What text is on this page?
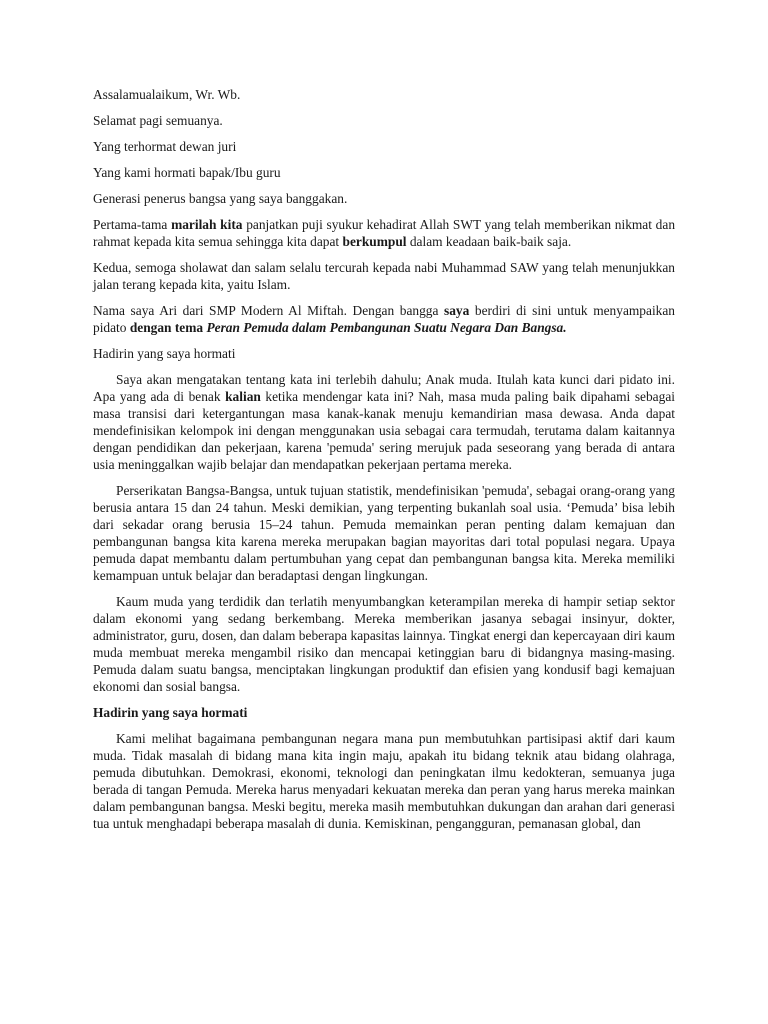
Assalamualaikum, Wr. Wb.

Selamat pagi semuanya.

Yang terhormat dewan juri

Yang kami hormati bapak/Ibu guru

Generasi penerus bangsa yang saya banggakan.

Pertama-tama marilah kita panjatkan puji syukur kehadirat Allah SWT yang telah memberikan nikmat dan rahmat kepada kita semua sehingga kita dapat berkumpul dalam keadaan baik-baik saja.

Kedua, semoga sholawat dan salam selalu tercurah kepada nabi Muhammad SAW yang telah menunjukkan jalan terang kepada kita, yaitu Islam.

Nama saya Ari dari SMP Modern Al Miftah. Dengan bangga saya berdiri di sini untuk menyampaikan pidato dengan tema Peran Pemuda dalam Pembangunan Suatu Negara Dan Bangsa.

Hadirin yang saya hormati

Saya akan mengatakan tentang kata ini terlebih dahulu; Anak muda. Itulah kata kunci dari pidato ini. Apa yang ada di benak kalian ketika mendengar kata ini? Nah, masa muda paling baik dipahami sebagai masa transisi dari ketergantungan masa kanak-kanak menuju kemandirian masa dewasa. Anda dapat mendefinisikan kelompok ini dengan menggunakan usia sebagai cara termudah, terutama dalam kaitannya dengan pendidikan dan pekerjaan, karena 'pemuda' sering merujuk pada seseorang yang berada di antara usia meninggalkan wajib belajar dan mendapatkan pekerjaan pertama mereka.

Perserikatan Bangsa-Bangsa, untuk tujuan statistik, mendefinisikan 'pemuda', sebagai orang-orang yang berusia antara 15 dan 24 tahun. Meski demikian, yang terpenting bukanlah soal usia. ‘Pemuda’ bisa lebih dari sekadar orang berusia 15–24 tahun. Pemuda memainkan peran penting dalam kemajuan dan pembangunan bangsa kita karena mereka merupakan bagian mayoritas dari total populasi negara. Upaya pemuda dapat membantu dalam pertumbuhan yang cepat dan pembangunan bangsa kita. Mereka memiliki kemampuan untuk belajar dan beradaptasi dengan lingkungan.

Kaum muda yang terdidik dan terlatih menyumbangkan keterampilan mereka di hampir setiap sektor dalam ekonomi yang sedang berkembang. Mereka memberikan jasanya sebagai insinyur, dokter, administrator, guru, dosen, dan dalam beberapa kapasitas lainnya. Tingkat energi dan kepercayaan diri kaum muda membuat mereka mengambil risiko dan mencapai ketinggian baru di bidangnya masing-masing. Pemuda dalam suatu bangsa, menciptakan lingkungan produktif dan efisien yang kondusif bagi kemajuan ekonomi dan sosial bangsa.

Hadirin yang saya hormati

Kami melihat bagaimana pembangunan negara mana pun membutuhkan partisipasi aktif dari kaum muda. Tidak masalah di bidang mana kita ingin maju, apakah itu bidang teknik atau bidang olahraga, pemuda dibutuhkan. Demokrasi, ekonomi, teknologi dan peningkatan ilmu kedokteran, semuanya juga berada di tangan Pemuda. Mereka harus menyadari kekuatan mereka dan peran yang harus mereka mainkan dalam pembangunan bangsa. Meski begitu, mereka masih membutuhkan dukungan dan arahan dari generasi tua untuk menghadapi beberapa masalah di dunia. Kemiskinan, pengangguran, pemanasan global, dan
